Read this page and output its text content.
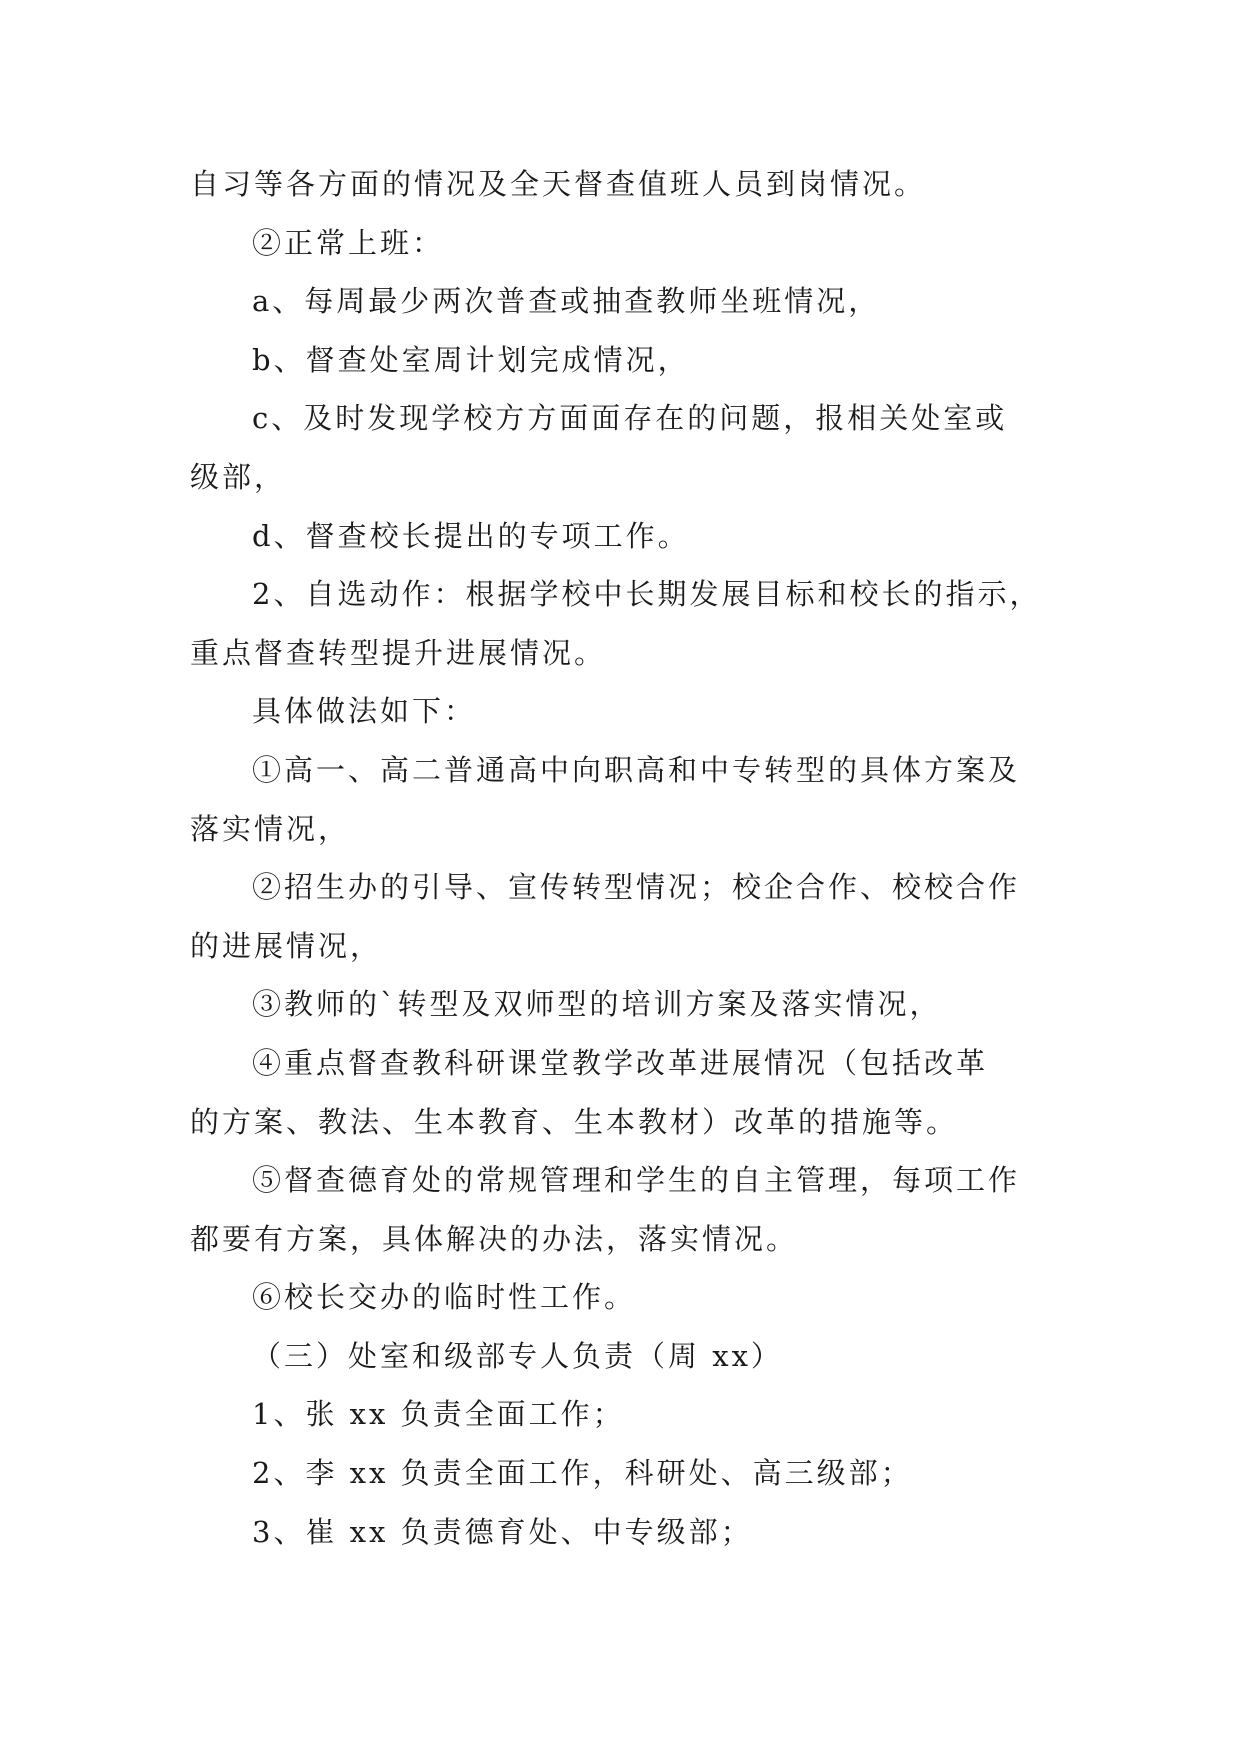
自习等各方面的情况及全天督查值班人员到岗情况。
②正常上班：
a、每周最少两次普查或抽查教师坐班情况，
b、督查处室周计划完成情况，
c、及时发现学校方方面面存在的问题，报相关处室或
级部，
d、督查校长提出的专项工作。
2、自选动作：根据学校中长期发展目标和校长的指示，
重点督查转型提升进展情况。
具体做法如下：
①高一、高二普通高中向职高和中专转型的具体方案及
落实情况，
②招生办的引导、宣传转型情况；校企合作、校校合作
的进展情况，
③教师的`转型及双师型的培训方案及落实情况，
④重点督查教科研课堂教学改革进展情况（包括改革
的方案、教法、生本教育、生本教材）改革的措施等。
⑤督查德育处的常规管理和学生的自主管理，每项工作
都要有方案，具体解决的办法，落实情况。
⑥校长交办的临时性工作。
（三）处室和级部专人负责（周 xx）
1、张 xx 负责全面工作；
2、李 xx 负责全面工作，科研处、高三级部；
3、崔 xx 负责德育处、中专级部；
